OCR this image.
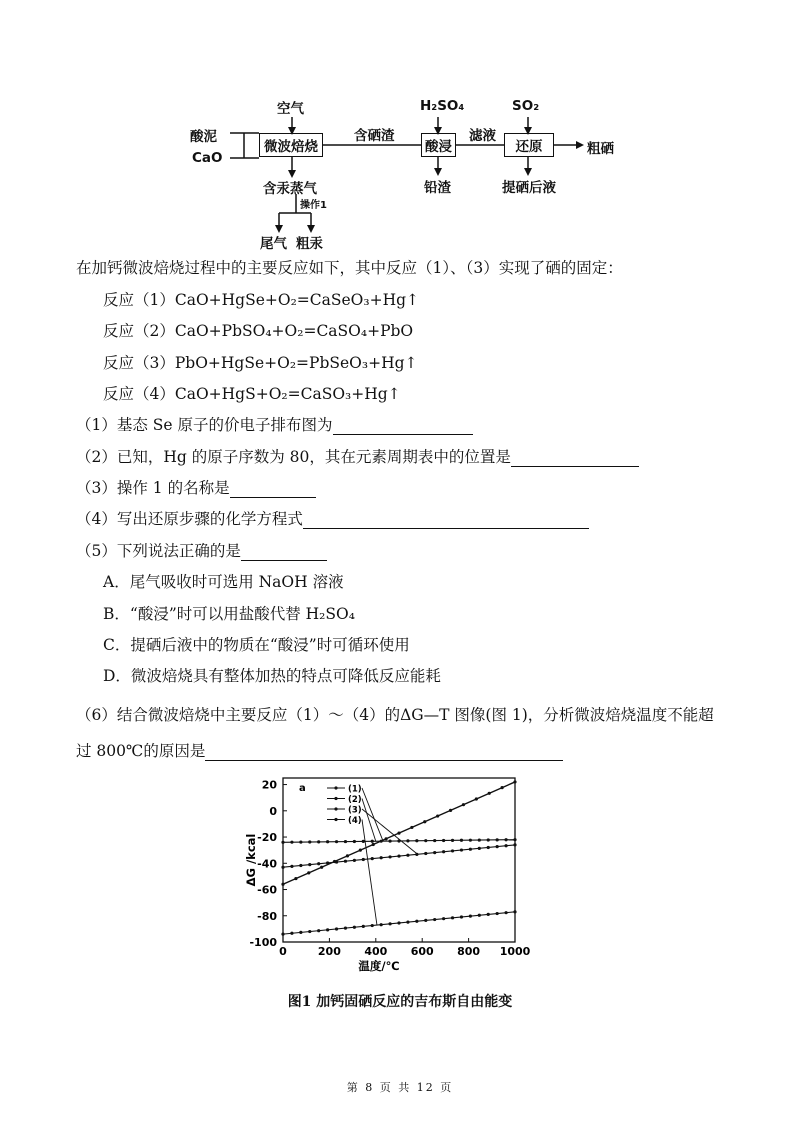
空气
酸泥
CaO
微波焙烧
含硒渣
H₂SO₄
酸浸
滤液
SO₂
还原	粗硒
含汞蒸气	铅渣	提硒后液
操作1
尾气 粗汞
在加钙微波焙烧过程中的主要反应如下，其中反应（1）、（3）实现了硒的固定：
反应（1）CaO+HgSe+O₂=CaSeO₃+Hg↑
反应（2）CaO+PbSO₄+O₂=CaSO₄+PbO
反应（3）PbO+HgSe+O₂=PbSeO₃+Hg↑
反应（4）CaO+HgS+O₂=CaSO₃+Hg↑
（1）基态 Se 原子的价电子排布图为
（2）已知，Hg 的原子序数为 80，其在元素周期表中的位置是
（3）操作 1 的名称是
（4）写出还原步骤的化学方程式
（5）下列说法正确的是
A．尾气吸收时可选用 NaOH 溶液
B．“酸浸”时可以用盐酸代替 H₂SO₄
C．提硒后液中的物质在“酸浸”时可循环使用
D．微波焙烧具有整体加热的特点可降低反应能耗
（6）结合微波焙烧中主要反应（1）～（4）的ΔG—T 图像(图 1)，分析微波焙烧温度不能超
过 800℃的原因是
0	200 400 600 800 1000
20
0
-20
-40
-60
-80
-100
(1)
(2)
(3)
(4)
a
温度/℃
ΔG /kcal
图1 加钙固硒反应的吉布斯自由能变
第 8 页 共 12 页
